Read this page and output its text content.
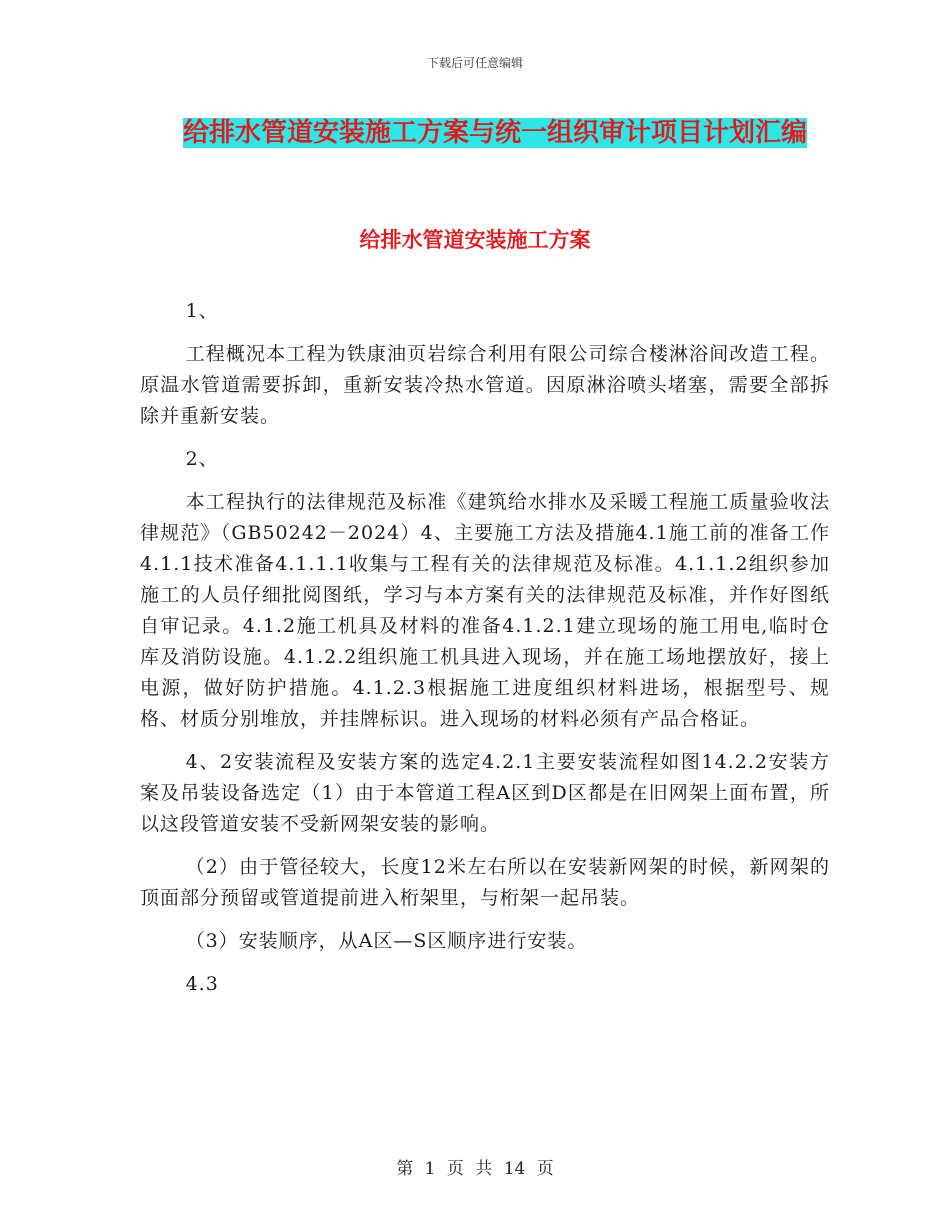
下载后可任意编辑
给排水管道安装施工方案与统一组织审计项目计划汇编
给排水管道安装施工方案

1、

工程概况本工程为铁康油页岩综合利用有限公司综合楼淋浴间改造工程。原温水管道需要拆卸，重新安装冷热水管道。因原淋浴喷头堵塞，需要全部拆除并重新安装。

2、

本工程执行的法律规范及标准《建筑给水排水及采暖工程施工质量验收法律规范》（GB50242－2024）4、主要施工方法及措施4.1施工前的准备工作4.1.1技术准备4.1.1.1收集与工程有关的法律规范及标准。4.1.1.2组织参加施工的人员仔细批阅图纸，学习与本方案有关的法律规范及标准，并作好图纸自审记录。4.1.2施工机具及材料的准备4.1.2.1建立现场的施工用电,临时仓库及消防设施。4.1.2.2组织施工机具进入现场，并在施工场地摆放好，接上电源，做好防护措施。4.1.2.3根据施工进度组织材料进场，根据型号、规格、材质分别堆放，并挂牌标识。进入现场的材料必须有产品合格证。

4、2安装流程及安装方案的选定4.2.1主要安装流程如图14.2.2安装方案及吊装设备选定（1）由于本管道工程A区到D区都是在旧网架上面布置，所以这段管道安装不受新网架安装的影响。

（2）由于管径较大，长度12米左右所以在安装新网架的时候，新网架的顶面部分预留或管道提前进入桁架里，与桁架一起吊装。

（3）安装顺序，从A区—S区顺序进行安装。

4.3

第 1 页 共 14 页
